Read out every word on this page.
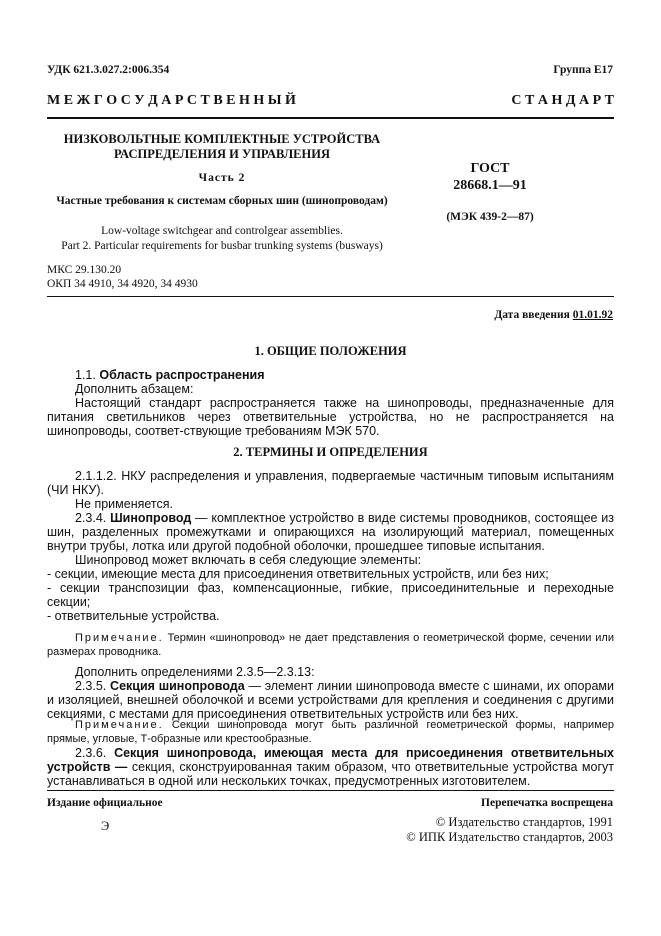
УДК 621.3.027.2:006.354	Группа Е17
М Е Ж Г О С У Д А Р С Т В Е Н Н Ы Й	С Т А Н Д А Р Т
НИЗКОВОЛЬТНЫЕ КОМПЛЕКТНЫЕ УСТРОЙСТВА
РАСПРЕДЕЛЕНИЯ И УПРАВЛЕНИЯ
Часть 2
Частные требования к системам сборных шин (шинопроводам)
Low-voltage switchgear and controlgear assemblies.
Part 2. Particular requirements for busbar trunking systems (busways)
ГОСТ
28668.1—91
(МЭК 439-2—87)
МКС 29.130.20
ОКП 34 4910, 34 4920, 34 4930
Дата введения 01.01.92
1. ОБЩИЕ ПОЛОЖЕНИЯ
1.1. Область распространения
Дополнить абзацем:
Настоящий стандарт распространяется также на шинопроводы, предназначенные для питания светильников через ответвительные устройства, но не распространяется на шинопроводы, соответ-ствующие требованиям МЭК 570.
2. ТЕРМИНЫ И ОПРЕДЕЛЕНИЯ
2.1.1.2. НКУ распределения и управления, подвергаемые частичным типовым испытаниям (ЧИ НКУ).
Не применяется.
2.3.4. Шинопровод — комплектное устройство в виде системы проводников, состоящее из шин, разделенных промежутками и опирающихся на изолирующий материал, помещенных внутри трубы, лотка или другой подобной оболочки, прошедшее типовые испытания.
Шинопровод может включать в себя следующие элементы:
- секции, имеющие места для присоединения ответвительных устройств, или без них;
- секции транспозиции фаз, компенсационные, гибкие, присоединительные и переходные секции;
- ответвительные устройства.
Примечание. Термин «шинопровод» не дает представления о геометрической форме, сечении или размерах проводника.
Дополнить определениями 2.3.5—2.3.13:
2.3.5. Секция шинопровода — элемент линии шинопровода вместе с шинами, их опорами и изоляцией, внешней оболочкой и всеми устройствами для крепления и соединения с другими секциями, с местами для присоединения ответвительных устройств или без них.
Примечание. Секции шинопровода могут быть различной геометрической формы, например прямые, угловые, Т-образные или крестообразные.
2.3.6. Секция шинопровода, имеющая места для присоединения ответвительных устройств — секция, сконструированная таким образом, что ответвительные устройства могут устанавливаться в одной или нескольких точках, предусмотренных изготовителем.
Издание официальное	Перепечатка воспрещена
Э	© Издательство стандартов, 1991
© ИПК Издательство стандартов, 2003
